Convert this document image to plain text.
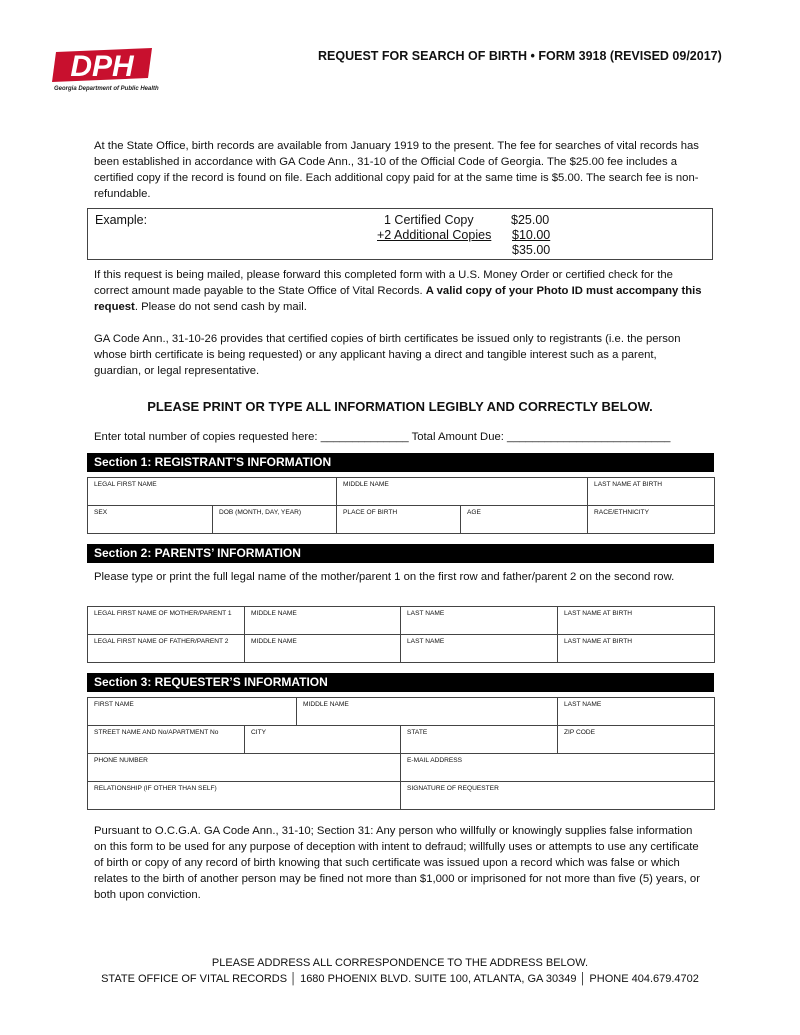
DPH
Georgia Department of Public Health
REQUEST FOR SEARCH OF BIRTH • FORM 3918 (REVISED 09/2017)
At the State Office, birth records are available from January 1919 to the present. The fee for searches of vital records has been established in accordance with GA Code Ann., 31-10 of the Official Code of Georgia. The $25.00 fee includes a certified copy if the record is found on file. Each additional copy paid for at the same time is $5.00. The search fee is non-refundable.
Example:	1 Certified Copy	$25.00
+2 Additional Copies $10.00
$35.00
If this request is being mailed, please forward this completed form with a U.S. Money Order or certified check for the correct amount made payable to the State Office of Vital Records. A valid copy of your Photo ID must accompany this request. Please do not send cash by mail.
GA Code Ann., 31-10-26 provides that certified copies of birth certificates be issued only to registrants (i.e. the person whose birth certificate is being requested) or any applicant having a direct and tangible interest such as a parent, guardian, or legal representative.
PLEASE PRINT OR TYPE ALL INFORMATION LEGIBLY AND CORRECTLY BELOW.
Enter total number of copies requested here: ______________ Total Amount Due: __________________________
Section 1: REGISTRANT’S INFORMATION
LEGAL FIRST NAME		MIDDLE NAME		LAST NAME AT BIRTH
SEX	DOB (MONTH, DAY, YEAR)	PLACE OF BIRTH	AGE	RACE/ETHNICITY
Section 2: PARENTS’ INFORMATION
Please type or print the full legal name of the mother/parent 1 on the first row and father/parent 2 on the second row.
LEGAL FIRST NAME OF MOTHER/PARENT 1	MIDDLE NAME	LAST NAME	LAST NAME AT BIRTH
LEGAL FIRST NAME OF FATHER/PARENT 2	MIDDLE NAME	LAST NAME	LAST NAME AT BIRTH
Section 3: REQUESTER’S INFORMATION
FIRST NAME		MIDDLE NAME		LAST NAME
STREET NAME AND No/APARTMENT No	CITY		STATE	ZIP CODE
PHONE NUMBER			E-MAIL ADDRESS	
RELATIONSHIP (IF OTHER THAN SELF)			SIGNATURE OF REQUESTER	
Pursuant to O.C.G.A. GA Code Ann., 31-10; Section 31: Any person who willfully or knowingly supplies false information on this form to be used for any purpose of deception with intent to defraud; willfully uses or attempts to use any certificate of birth or copy of any record of birth knowing that such certificate was issued upon a record which was false or which relates to the birth of another person may be fined not more than $1,000 or imprisoned for not more than five (5) years, or both upon conviction.
PLEASE ADDRESS ALL CORRESPONDENCE TO THE ADDRESS BELOW.
STATE OFFICE OF VITAL RECORDS │ 1680 PHOENIX BLVD. SUITE 100, ATLANTA, GA 30349 │ PHONE 404.679.4702
